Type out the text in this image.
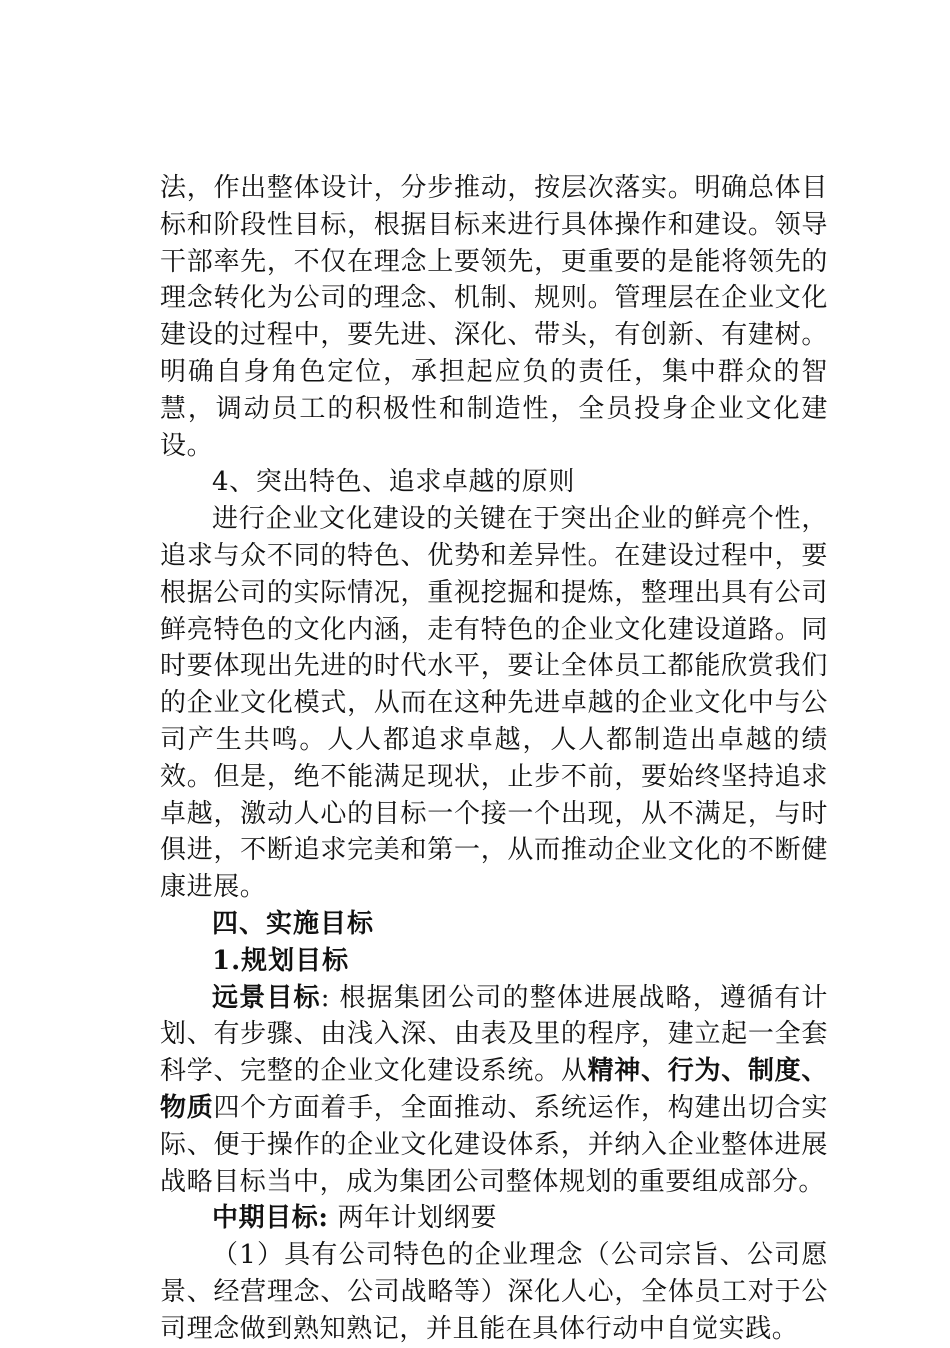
法，作出整体设计，分步推动，按层次落实。明确总体目标和阶段性目标，根据目标来进行具体操作和建设。领导干部率先，不仅在理念上要领先，更重要的是能将领先的理念转化为公司的理念、机制、规则。管理层在企业文化建设的过程中，要先进、深化、带头，有创新、有建树。明确自身角色定位，承担起应负的责任，集中群众的智慧，调动员工的积极性和制造性，全员投身企业文化建设。

4、突出特色、追求卓越的原则

进行企业文化建设的关键在于突出企业的鲜亮个性，追求与众不同的特色、优势和差异性。在建设过程中，要根据公司的实际情况，重视挖掘和提炼，整理出具有公司鲜亮特色的文化内涵，走有特色的企业文化建设道路。同时要体现出先进的时代水平，要让全体员工都能欣赏我们的企业文化模式，从而在这种先进卓越的企业文化中与公司产生共鸣。人人都追求卓越，人人都制造出卓越的绩效。但是，绝不能满足现状，止步不前，要始终坚持追求卓越，激动人心的目标一个接一个出现，从不满足，与时俱进，不断追求完美和第一，从而推动企业文化的不断健康进展。

四、实施目标

1.规划目标

远景目标: 根据集团公司的整体进展战略，遵循有计划、有步骤、由浅入深、由表及里的程序，建立起一全套科学、完整的企业文化建设系统。从精神、行为、制度、物质四个方面着手，全面推动、系统运作，构建出切合实际、便于操作的企业文化建设体系，并纳入企业整体进展战略目标当中，成为集团公司整体规划的重要组成部分。

中期目标: 两年计划纲要

（1）具有公司特色的企业理念（公司宗旨、公司愿景、经营理念、公司战略等）深化人心，全体员工对于公司理念做到熟知熟记，并且能在具体行动中自觉实践。
